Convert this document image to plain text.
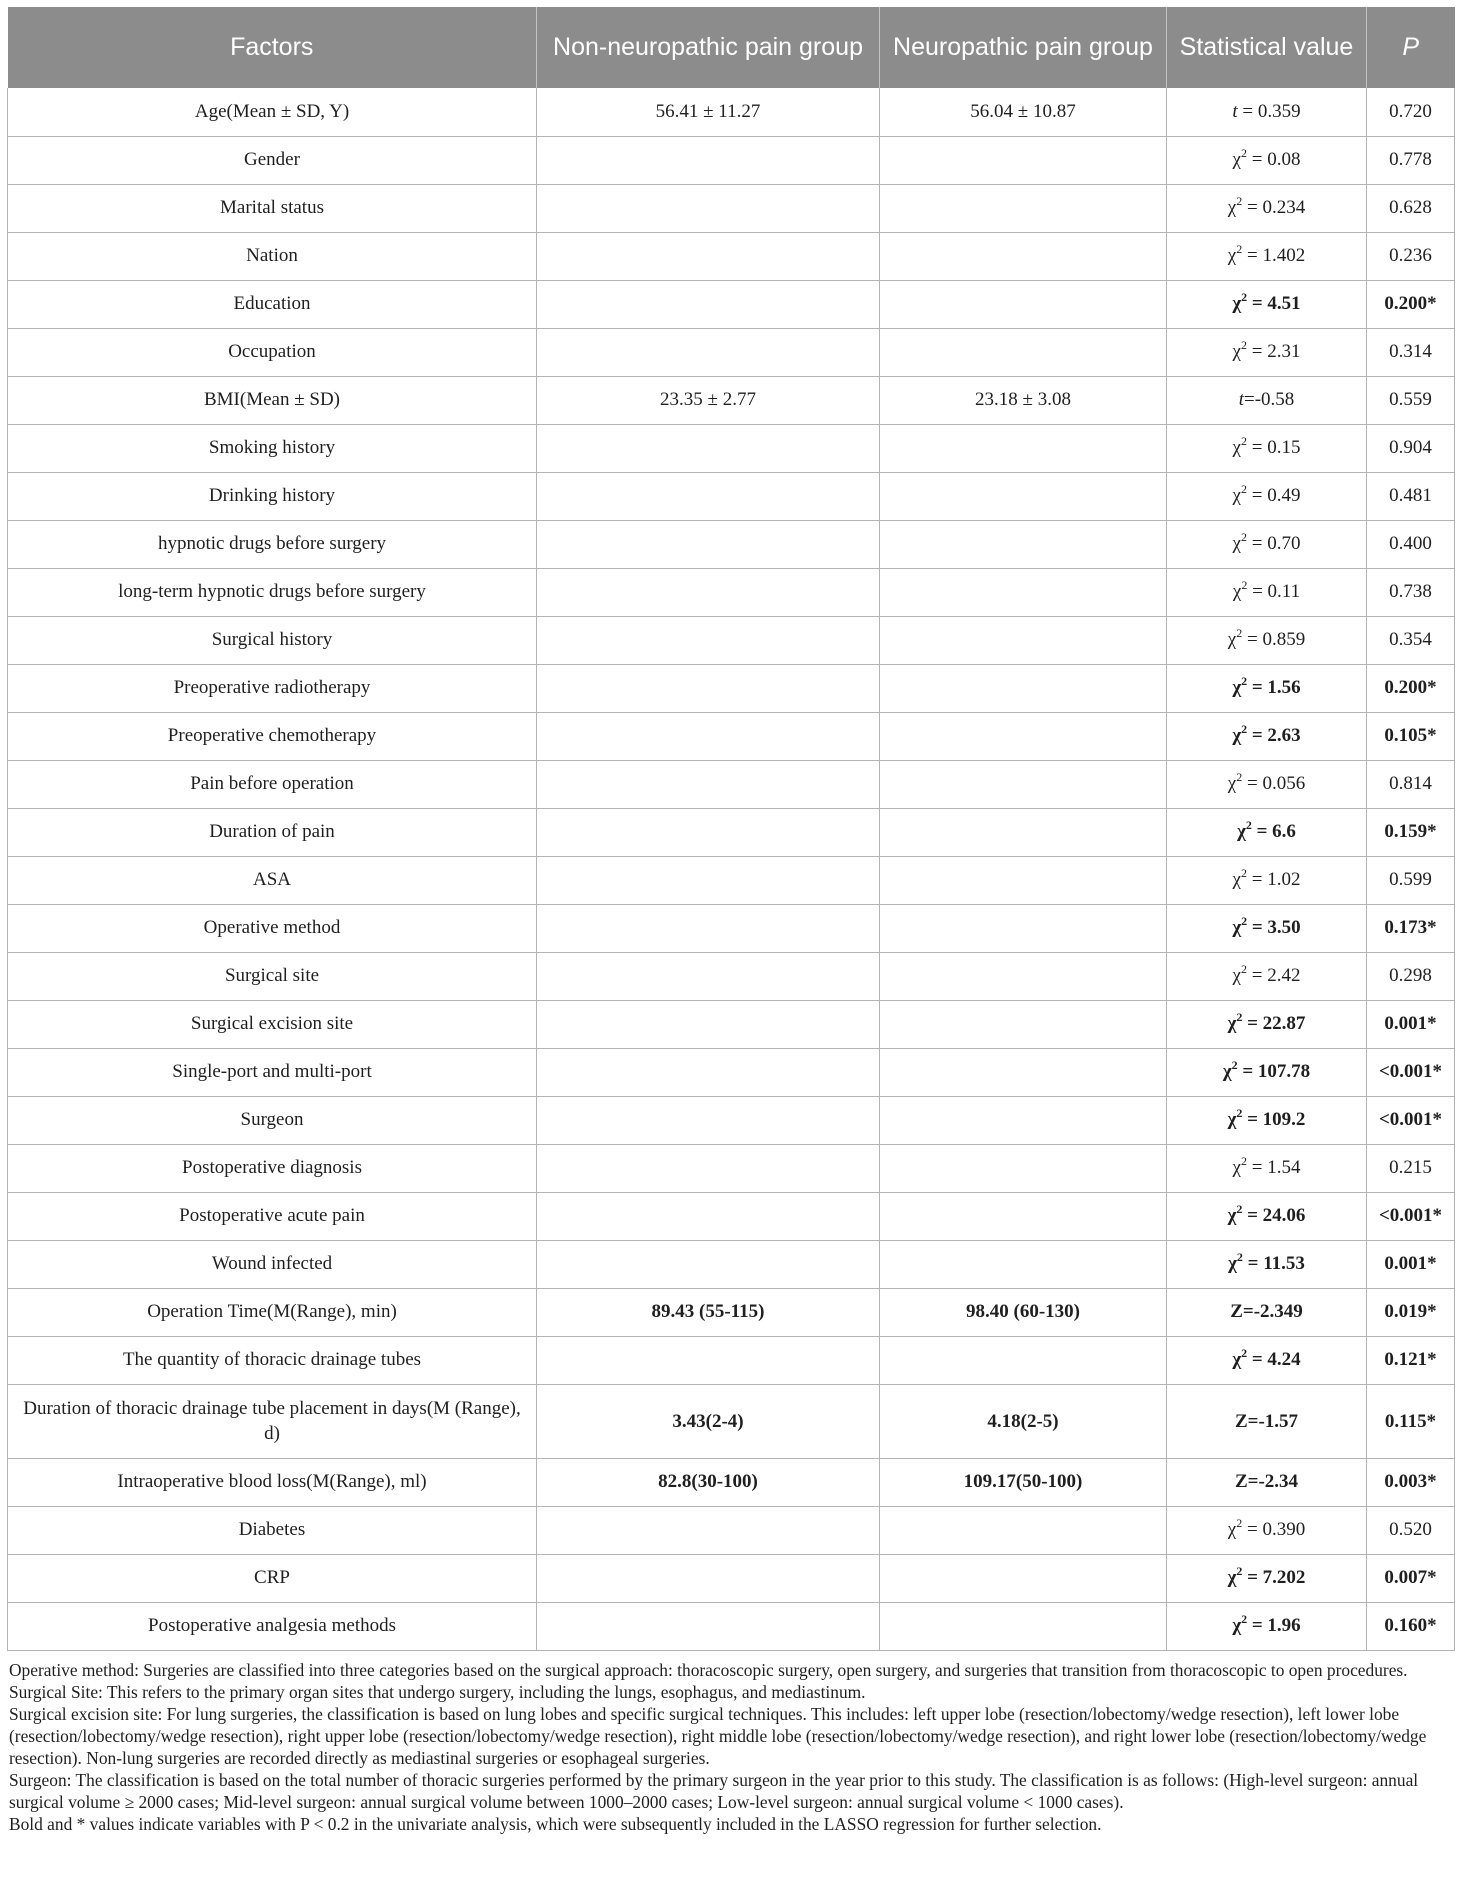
Factors	Non-neuropathic pain group	Neuropathic pain group	Statistical value	P
Age(Mean ± SD, Y)	56.41 ± 11.27	56.04 ± 10.87	t = 0.359	0.720
Gender			$\chi^2 = 0.08$	0.778
Marital status			$\chi^2 = 0.234$	0.628
Nation			$\chi^2 = 1.402$	0.236
Education			$\chi^2 = 4.51$	0.200*
Occupation			$\chi^2 = 2.31$	0.314
BMI(Mean ± SD)	23.35 ± 2.77	23.18 ± 3.08	t=-0.58	0.559
Smoking history			$\chi^2 = 0.15$	0.904
Drinking history			$\chi^2 = 0.49$	0.481
hypnotic drugs before surgery			$\chi^2 = 0.70$	0.400
long-term hypnotic drugs before surgery			$\chi^2 = 0.11$	0.738
Surgical history			$\chi^2 = 0.859$	0.354
Preoperative radiotherapy			$\chi^2 = 1.56$	0.200*
Preoperative chemotherapy			$\chi^2 = 2.63$	0.105*
Pain before operation			$\chi^2 = 0.056$	0.814
Duration of pain			$\chi^2 = 6.6$	0.159*
ASA			$\chi^2 = 1.02$	0.599
Operative method			$\chi^2 = 3.50$	0.173*
Surgical site			$\chi^2 = 2.42$	0.298
Surgical excision site			$\chi^2 = 22.87$	0.001*
Single-port and multi-port			$\chi^2 = 107.78$	<0.001*
Surgeon			$\chi^2 = 109.2$	<0.001*
Postoperative diagnosis			$\chi^2 = 1.54$	0.215
Postoperative acute pain			$\chi^2 = 24.06$	<0.001*
Wound infected			$\chi^2 = 11.53$	0.001*
Operation Time(M(Range), min)	89.43 (55-115)	98.40 (60-130)	Z=-2.349	0.019*
The quantity of thoracic drainage tubes			$\chi^2 = 4.24$	0.121*
Duration of thoracic drainage tube placement in days(M (Range), d)	3.43(2-4)	4.18(2-5)	Z=-1.57	0.115*
Intraoperative blood loss(M(Range), ml)	82.8(30-100)	109.17(50-100)	Z=-2.34	0.003*
Diabetes			$\chi^2 = 0.390$	0.520
CRP			$\chi^2 = 7.202$	0.007*
Postoperative analgesia methods			$\chi^2 = 1.96$	0.160*

Operative method: Surgeries are classified into three categories based on the surgical approach: thoracoscopic surgery, open surgery, and surgeries that transition from thoracoscopic to open procedures.

Surgical Site: This refers to the primary organ sites that undergo surgery, including the lungs, esophagus, and mediastinum.

Surgical excision site: For lung surgeries, the classification is based on lung lobes and specific surgical techniques. This includes: left upper lobe (resection/lobectomy/wedge resection), left lower lobe (resection/lobectomy/wedge resection), right upper lobe (resection/lobectomy/wedge resection), right middle lobe (resection/lobectomy/wedge resection), and right lower lobe (resection/lobectomy/wedge resection). Non-lung surgeries are recorded directly as mediastinal surgeries or esophageal surgeries.

Surgeon: The classification is based on the total number of thoracic surgeries performed by the primary surgeon in the year prior to this study. The classification is as follows: (High-level surgeon: annual surgical volume ≥ 2000 cases; Mid-level surgeon: annual surgical volume between 1000–2000 cases; Low-level surgeon: annual surgical volume < 1000 cases).

Bold and * values indicate variables with P < 0.2 in the univariate analysis, which were subsequently included in the LASSO regression for further selection.
